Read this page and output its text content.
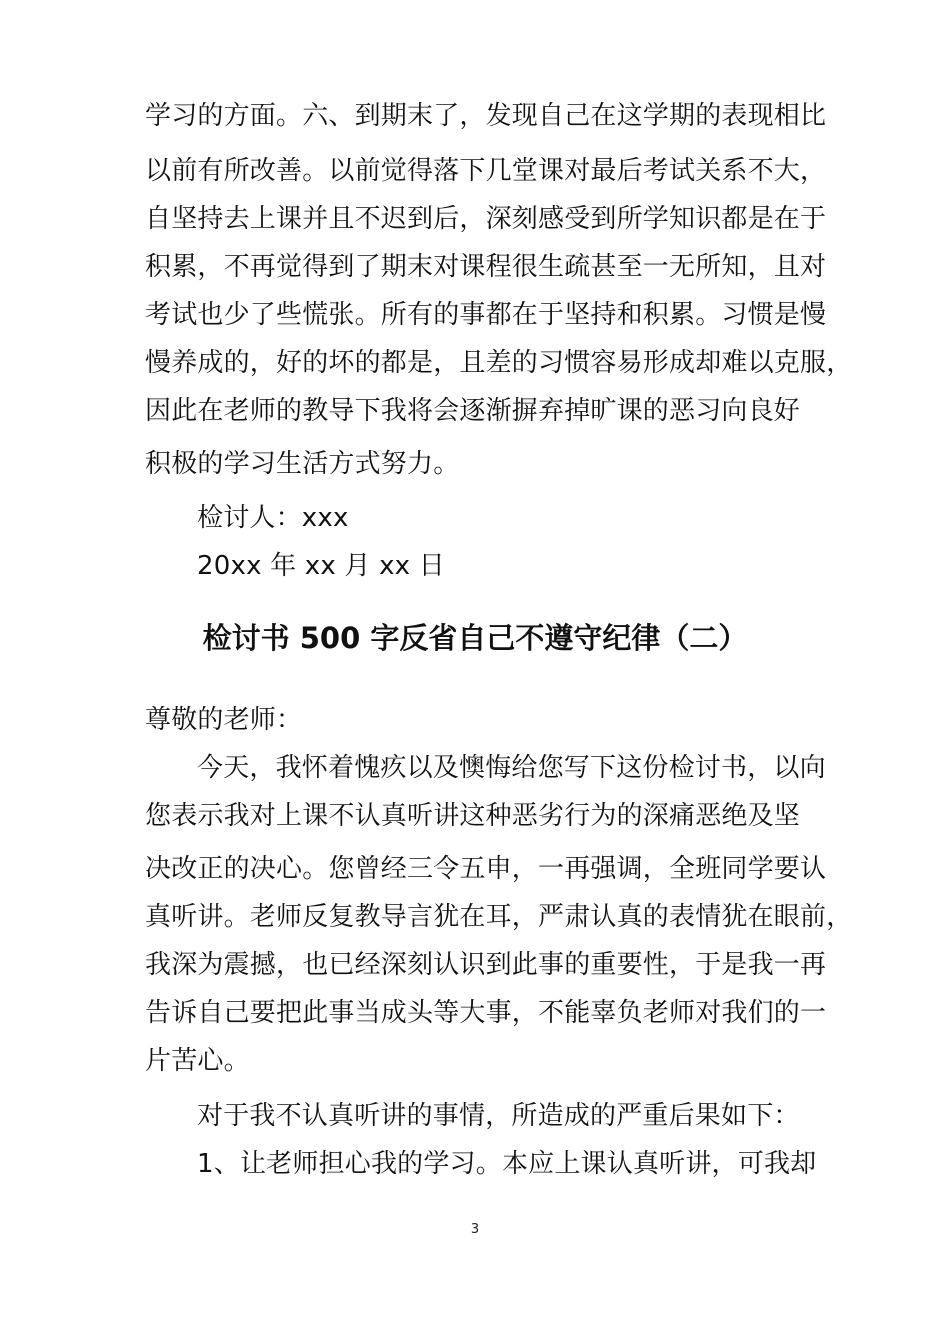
学习的方面。六、到期末了，发现自己在这学期的表现相比
以前有所改善。以前觉得落下几堂课对最后考试关系不大，
自坚持去上课并且不迟到后，深刻感受到所学知识都是在于
积累，不再觉得到了期末对课程很生疏甚至一无所知，且对
考试也少了些慌张。所有的事都在于坚持和积累。习惯是慢
慢养成的，好的坏的都是，且差的习惯容易形成却难以克服，
因此在老师的教导下我将会逐渐摒弃掉旷课的恶习向良好
积极的学习生活方式努力。
检讨人：xxx
20xx 年 xx 月 xx 日
检讨书 500 字反省自己不遵守纪律（二）
尊敬的老师：
今天，我怀着愧疚以及懊悔给您写下这份检讨书，以向
您表示我对上课不认真听讲这种恶劣行为的深痛恶绝及坚
决改正的决心。您曾经三令五申，一再强调，全班同学要认
真听讲。老师反复教导言犹在耳，严肃认真的表情犹在眼前，
我深为震撼，也已经深刻认识到此事的重要性，于是我一再
告诉自己要把此事当成头等大事，不能辜负老师对我们的一
片苦心。
对于我不认真听讲的事情，所造成的严重后果如下：
1、让老师担心我的学习。本应上课认真听讲，可我却
3
